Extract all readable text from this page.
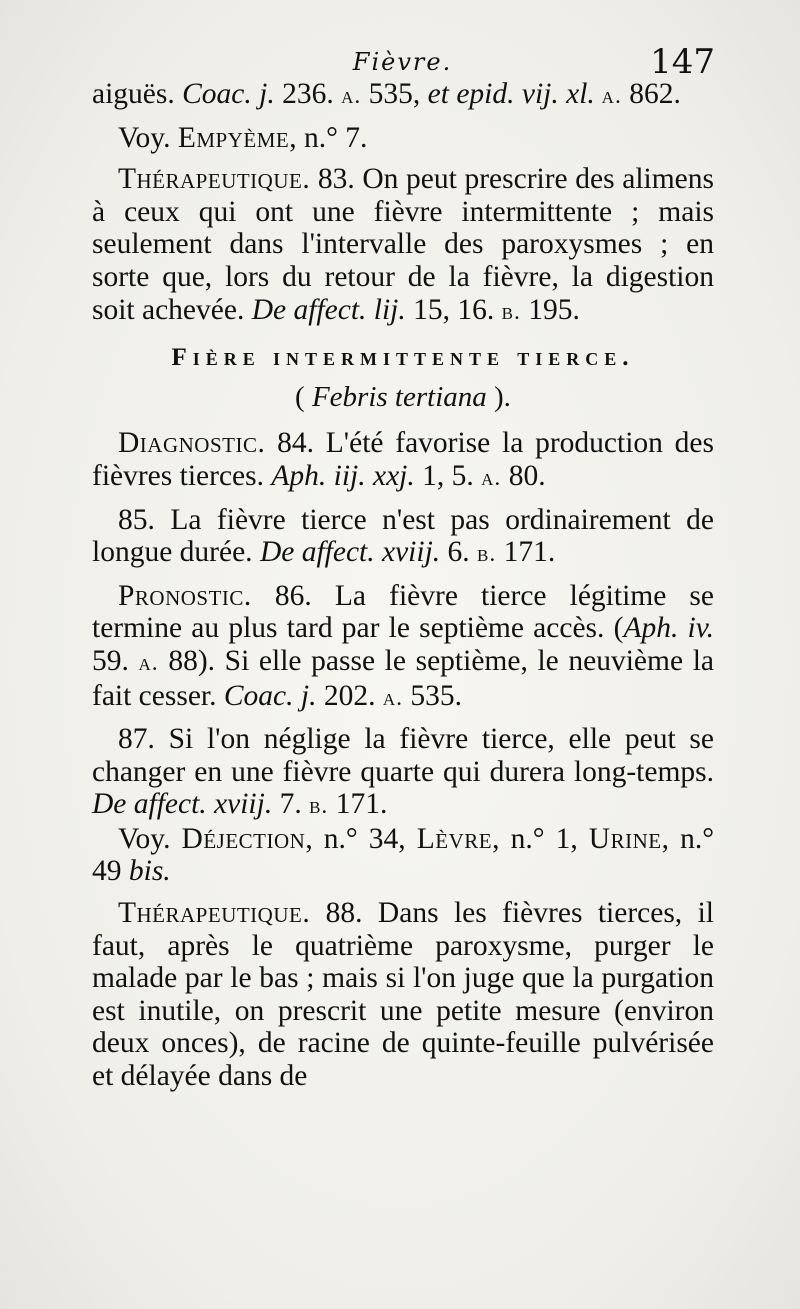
Fièvre.	147

aiguës. Coac. j. 236. a. 535, et epid. vij. xl. a. 862.

Voy. Empyème, n.° 7.

Thérapeutique. 83. On peut prescrire des alimens à ceux qui ont une fièvre intermittente ; mais seulement dans l'intervalle des paroxysmes ; en sorte que, lors du retour de la fièvre, la digestion soit achevée. De affect. lij. 15, 16. b. 195.

Fière intermittente tierce.
( Febris tertiana ).

Diagnostic. 84. L'été favorise la production des fièvres tierces. Aph. iij. xxj. 1, 5. a. 80.

85. La fièvre tierce n'est pas ordinairement de longue durée. De affect. xviij. 6. b. 171.

Pronostic. 86. La fièvre tierce légitime se termine au plus tard par le septième accès. (Aph. iv. 59. a. 88). Si elle passe le septième, le neuvième la fait cesser. Coac. j. 202. a. 535.

87. Si l'on néglige la fièvre tierce, elle peut se changer en une fièvre quarte qui durera long-temps. De affect. xviij. 7. b. 171.

Voy. Déjection, n.° 34, Lèvre, n.° 1, Urine, n.° 49 bis.

Thérapeutique. 88. Dans les fièvres tierces, il faut, après le quatrième paroxysme, purger le malade par le bas ; mais si l'on juge que la purgation est inutile, on prescrit une petite mesure (environ deux onces), de racine de quinte-feuille pulvérisée et délayée dans de
